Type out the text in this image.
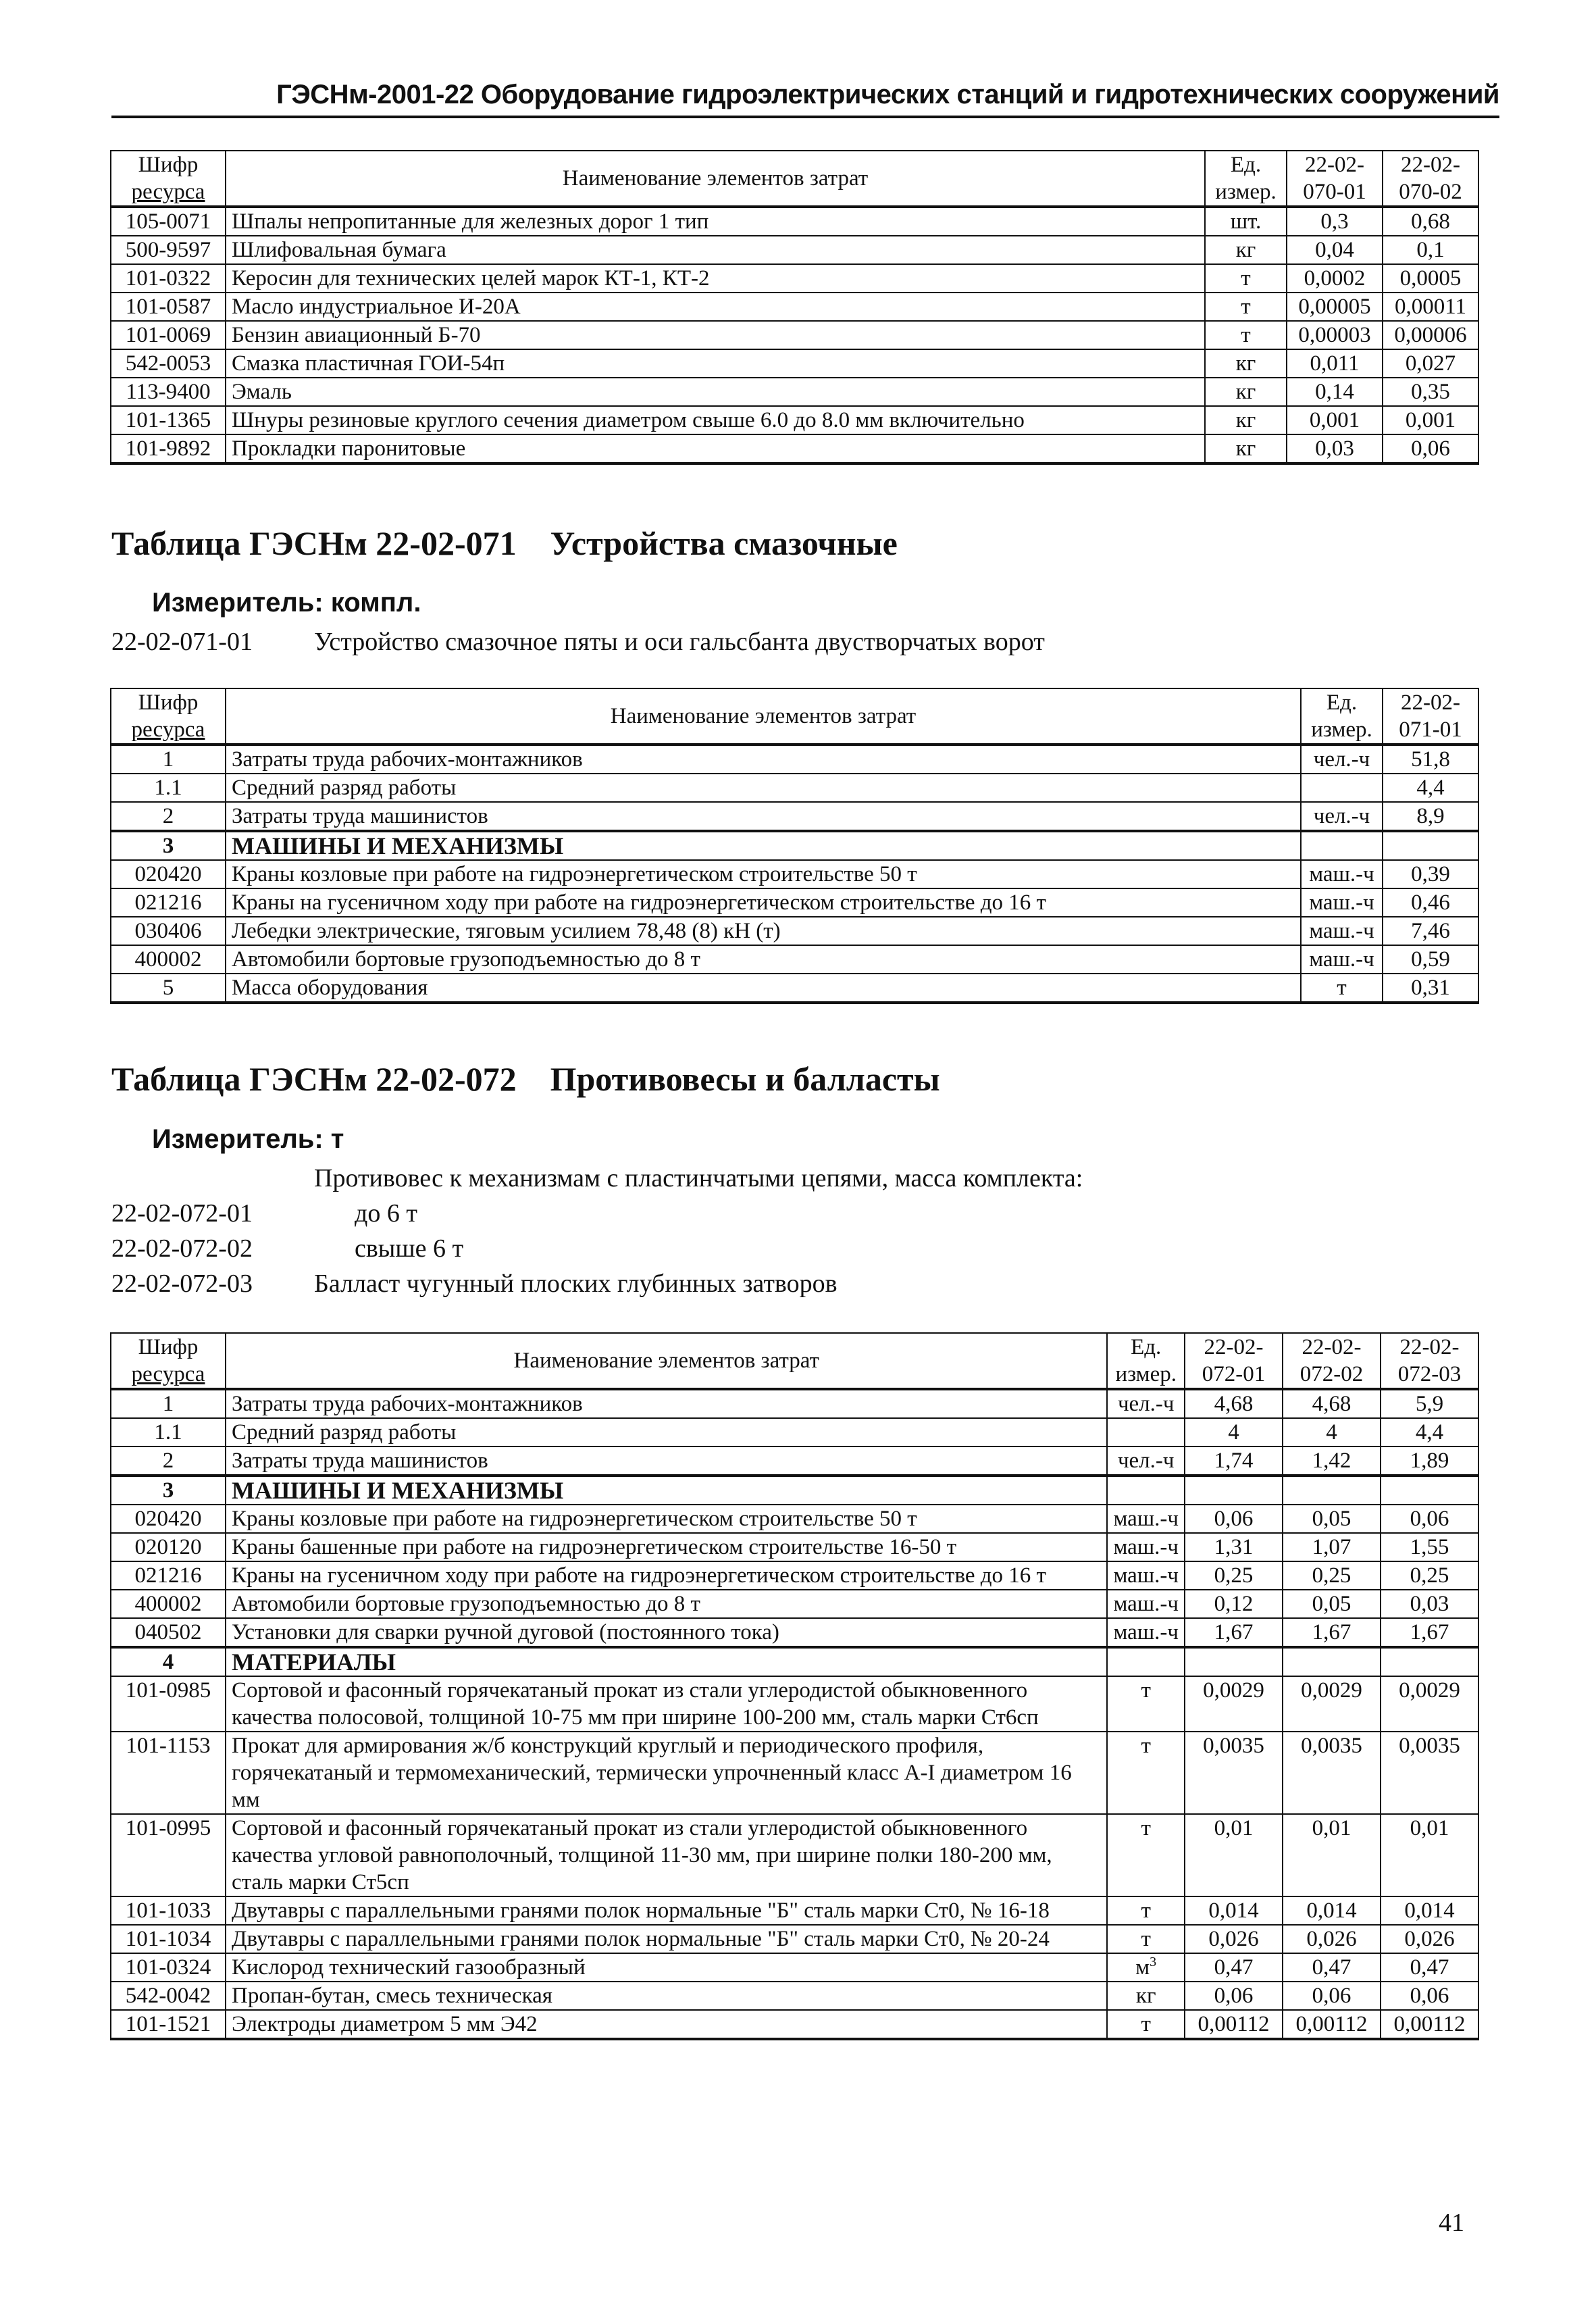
ГЭСНм-2001-22 Оборудование гидроэлектрических станций и гидротехнических сооружений
Шифр
ресурса	Наименование элементов затрат	Ед. измер.	22-02-070-01	22-02-070-02
105-0071	Шпалы непропитанные для железных дорог 1 тип	шт.	0,3	0,68
500-9597	Шлифовальная бумага	кг	0,04	0,1
101-0322	Керосин для технических целей марок КТ-1, КТ-2	т	0,0002	0,0005
101-0587	Масло индустриальное И-20А	т	0,00005	0,00011
101-0069	Бензин авиационный Б-70	т	0,00003	0,00006
542-0053	Смазка пластичная ГОИ-54п	кг	0,011	0,027
113-9400	Эмаль	кг	0,14	0,35
101-1365	Шнуры резиновые круглого сечения диаметром свыше 6.0 до 8.0 мм включительно	кг	0,001	0,001
101-9892	Прокладки паронитовые	кг	0,03	0,06
Таблица ГЭСНм 22-02-071 Устройства смазочные
Измеритель: компл.
22-02-071-01 Устройство смазочное пяты и оси гальсбанта двустворчатых ворот
Шифр
ресурса	Наименование элементов затрат	Ед. измер.	22-02-071-01
1	Затраты труда рабочих-монтажников	чел.-ч	51,8
1.1	Средний разряд работы		4,4
2	Затраты труда машинистов	чел.-ч	8,9
3	МАШИНЫ И МЕХАНИЗМЫ		
020420	Краны козловые при работе на гидроэнергетическом строительстве 50 т	маш.-ч	0,39
021216	Краны на гусеничном ходу при работе на гидроэнергетическом строительстве до 16 т	маш.-ч	0,46
030406	Лебедки электрические, тяговым усилием 78,48 (8) кН (т)	маш.-ч	7,46
400002	Автомобили бортовые грузоподъемностью до 8 т	маш.-ч	0,59
5	Масса оборудования	т	0,31
Таблица ГЭСНм 22-02-072 Противовесы и балласты
Измеритель: т
Противовес к механизмам с пластинчатыми цепями, масса комплекта:
22-02-072-01	до 6 т
22-02-072-02	свыше 6 т
22-02-072-03 Балласт чугунный плоских глубинных затворов
Шифр
ресурса	Наименование элементов затрат	Ед. измер.	22-02-072-01	22-02-072-02	22-02-072-03
1	Затраты труда рабочих-монтажников	чел.-ч	4,68	4,68	5,9
1.1	Средний разряд работы		4	4	4,4
2	Затраты труда машинистов	чел.-ч	1,74	1,42	1,89
3	МАШИНЫ И МЕХАНИЗМЫ				
020420	Краны козловые при работе на гидроэнергетическом строительстве 50 т	маш.-ч	0,06	0,05	0,06
020120	Краны башенные при работе на гидроэнергетическом строительстве 16-50 т	маш.-ч	1,31	1,07	1,55
021216	Краны на гусеничном ходу при работе на гидроэнергетическом строительстве до 16 т	маш.-ч	0,25	0,25	0,25
400002	Автомобили бортовые грузоподъемностью до 8 т	маш.-ч	0,12	0,05	0,03
040502	Установки для сварки ручной дуговой (постоянного тока)	маш.-ч	1,67	1,67	1,67
4	МАТЕРИАЛЫ				
101-0985	Сортовой и фасонный горячекатаный прокат из стали углеродистой обыкновенного качества полосовой, толщиной 10-75 мм при ширине 100-200 мм, сталь марки Ст6сп	т	0,0029	0,0029	0,0029
101-1153	Прокат для армирования ж/б конструкций круглый и периодического профиля, горячекатаный и термомеханический, термически упрочненный класс А-I диаметром 16 мм	т	0,0035	0,0035	0,0035
101-0995	Сортовой и фасонный горячекатаный прокат из стали углеродистой обыкновенного качества угловой равнополочный, толщиной 11-30 мм, при ширине полки 180-200 мм, сталь марки Ст5сп	т	0,01	0,01	0,01
101-1033	Двутавры с параллельными гранями полок нормальные "Б" сталь марки Ст0, № 16-18	т	0,014	0,014	0,014
101-1034	Двутавры с параллельными гранями полок нормальные "Б" сталь марки Ст0, № 20-24	т	0,026	0,026	0,026
101-0324	Кислород технический газообразный	$м^3$	0,47	0,47	0,47
542-0042	Пропан-бутан, смесь техническая	кг	0,06	0,06	0,06
101-1521	Электроды диаметром 5 мм Э42	т	0,00112	0,00112	0,00112
41
